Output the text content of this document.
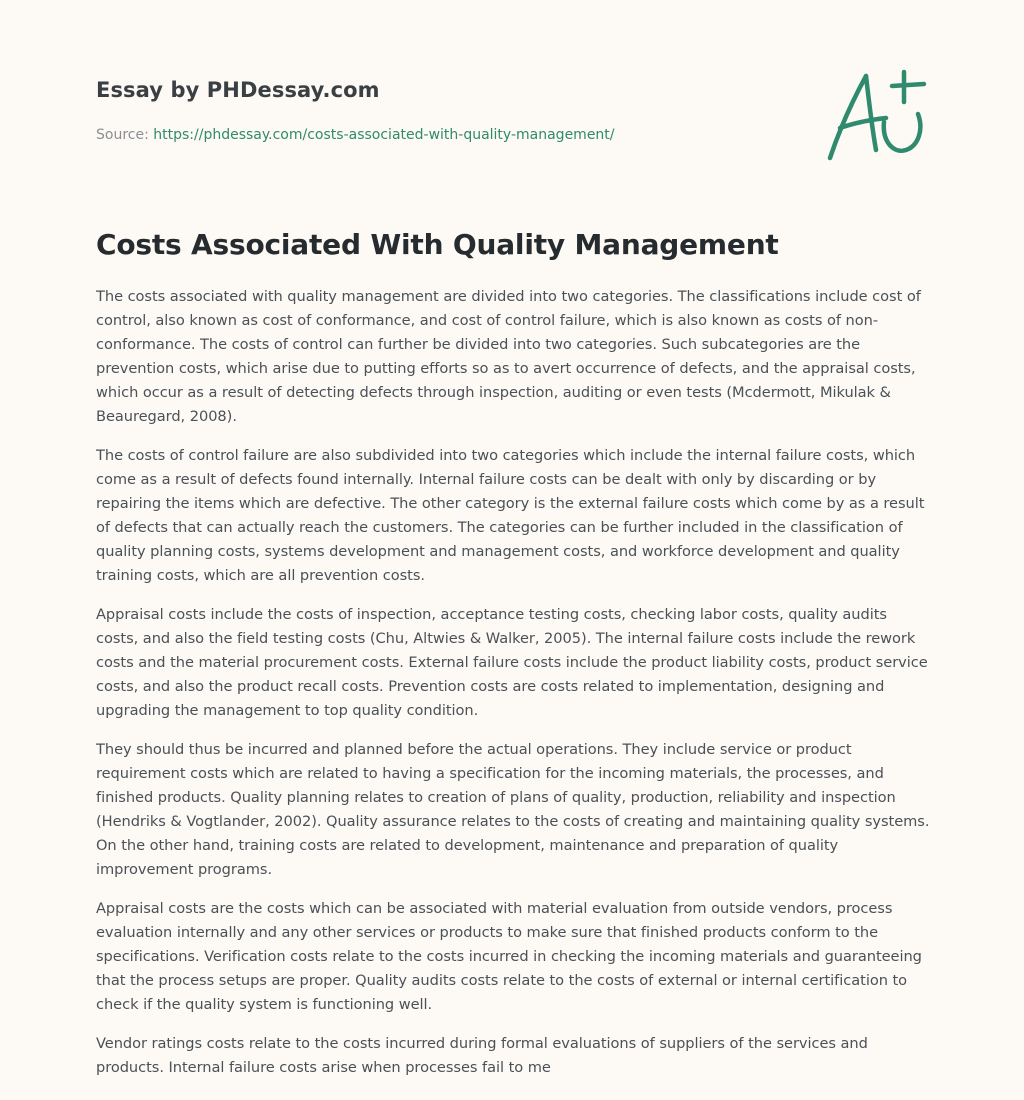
Essay by PHDessay.com
Source: https://phdessay.com/costs-associated-with-quality-management/
Costs Associated With Quality Management

The costs associated with quality management are divided into two categories. The classifications include cost of control, also known as cost of conformance, and cost of control failure, which is also known as costs of non-conformance. The costs of control can further be divided into two categories. Such subcategories are the prevention costs, which arise due to putting efforts so as to avert occurrence of defects, and the appraisal costs, which occur as a result of detecting defects through inspection, auditing or even tests (Mcdermott, Mikulak & Beauregard, 2008).

The costs of control failure are also subdivided into two categories which include the internal failure costs, which come as a result of defects found internally. Internal failure costs can be dealt with only by discarding or by repairing the items which are defective. The other category is the external failure costs which come by as a result of defects that can actually reach the customers. The categories can be further included in the classification of quality planning costs, systems development and management costs, and workforce development and quality training costs, which are all prevention costs.

Appraisal costs include the costs of inspection, acceptance testing costs, checking labor costs, quality audits costs, and also the field testing costs (Chu, Altwies & Walker, 2005). The internal failure costs include the rework costs and the material procurement costs. External failure costs include the product liability costs, product service costs, and also the product recall costs. Prevention costs are costs related to implementation, designing and upgrading the management to top quality condition.

They should thus be incurred and planned before the actual operations. They include service or product requirement costs which are related to having a specification for the incoming materials, the processes, and finished products. Quality planning relates to creation of plans of quality, production, reliability and inspection (Hendriks & Vogtlander, 2002). Quality assurance relates to the costs of creating and maintaining quality systems. On the other hand, training costs are related to development, maintenance and preparation of quality improvement programs.

Appraisal costs are the costs which can be associated with material evaluation from outside vendors, process evaluation internally and any other services or products to make sure that finished products conform to the specifications. Verification costs relate to the costs incurred in checking the incoming materials and guaranteeing that the process setups are proper. Quality audits costs relate to the costs of external or internal certification to check if the quality system is functioning well.

Vendor ratings costs relate to the costs incurred during formal evaluations of suppliers of the services and products. Internal failure costs arise when processes fail to me
